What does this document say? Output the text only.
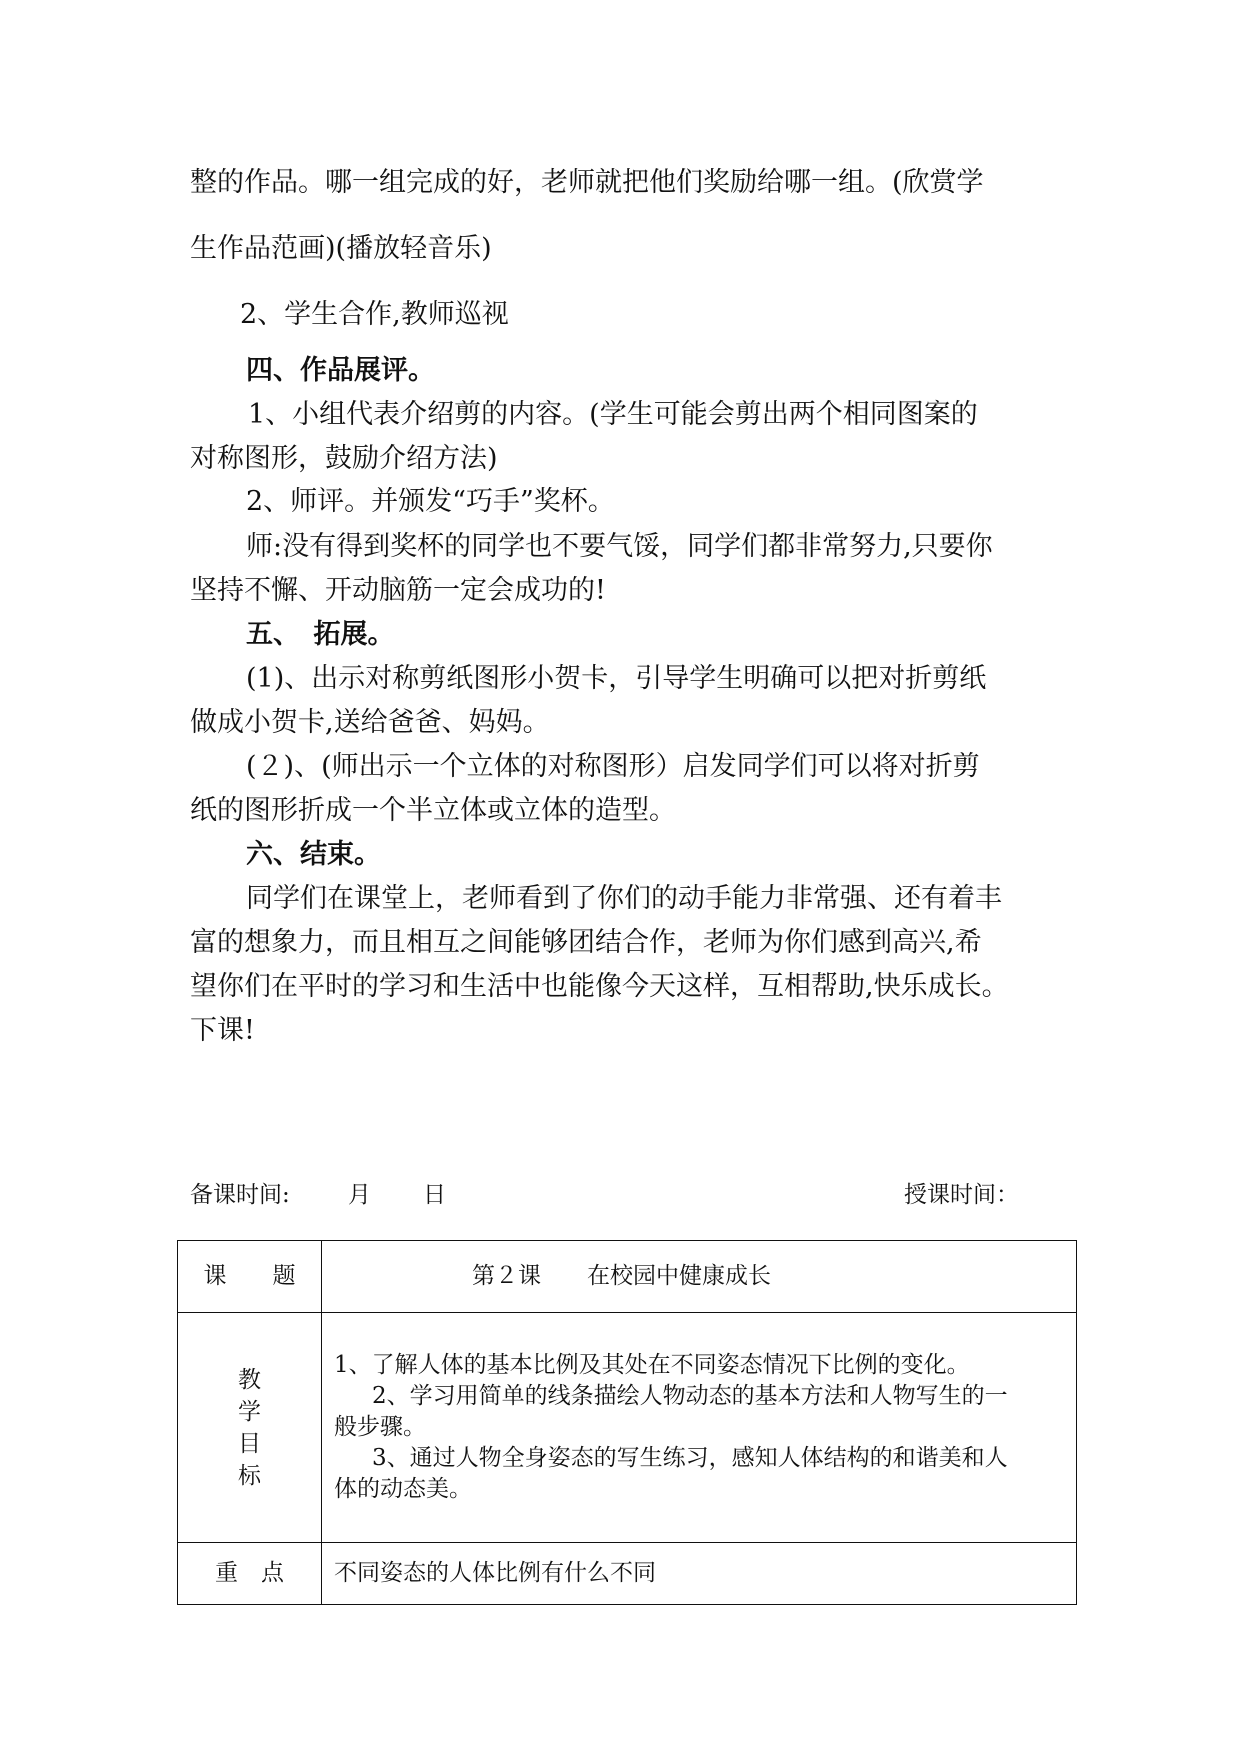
整的作品。哪一组完成的好，老师就把他们奖励给哪一组。(欣赏学
生作品范画)(播放轻音乐)
2、学生合作,教师巡视
四、作品展评。
1、小组代表介绍剪的内容。(学生可能会剪出两个相同图案的
对称图形，鼓励介绍方法)
2、师评。并颁发“巧手”奖杯。
师:没有得到奖杯的同学也不要气馁，同学们都非常努力,只要你
坚持不懈、开动脑筋一定会成功的!
五、　拓展。
(1)、出示对称剪纸图形小贺卡，引导学生明确可以把对折剪纸
做成小贺卡,送给爸爸、妈妈。
(２)、(师出示一个立体的对称图形）启发同学们可以将对折剪
纸的图形折成一个半立体或立体的造型。
六、结束。
同学们在课堂上，老师看到了你们的动手能力非常强、还有着丰
富的想象力，而且相互之间能够团结合作，老师为你们感到高兴,希
望你们在平时的学习和生活中也能像今天这样，互相帮助,快乐成长。
下课!
备课时间:	月 日	授课时间：
课　　题	第２课　　在校园中健康成长

教
学
目
标	1、了解人体的基本比例及其处在不同姿态情况下比例的变化。
2、学习用简单的线条描绘人物动态的基本方法和人物写生的一
般步骤。
3、通过人物全身姿态的写生练习，感知人体结构的和谐美和人
体的动态美。

重　点	不同姿态的人体比例有什么不同
